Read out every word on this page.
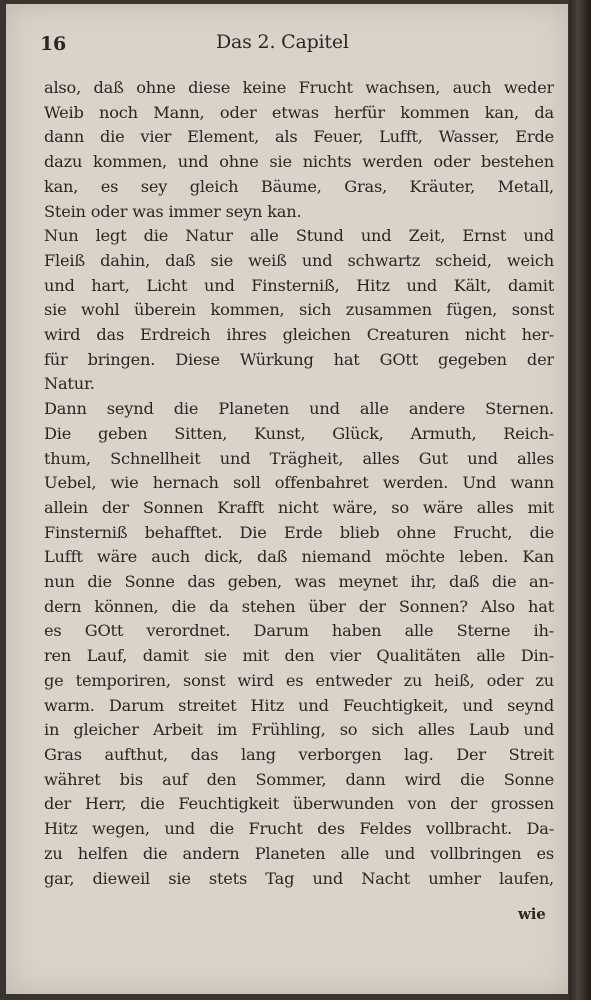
16	Das 2. Capitel
also, daß ohne diese keine Frucht wachsen, auch weder
Weib noch Mann, oder etwas herfür kommen kan, da
dann die vier Element, als Feuer, Lufft, Wasser, Erde
dazu kommen, und ohne sie nichts werden oder bestehen
kan, es sey gleich Bäume, Gras, Kräuter, Metall,
Stein oder was immer seyn kan.
Nun legt die Natur alle Stund und Zeit, Ernst und
Fleiß dahin, daß sie weiß und schwartz scheid, weich
und hart, Licht und Finsterniß, Hitz und Kält, damit
sie wohl überein kommen, sich zusammen fügen, sonst
wird das Erdreich ihres gleichen Creaturen nicht her-
für bringen. Diese Würkung hat GOtt gegeben der
Natur.
Dann seynd die Planeten und alle andere Sternen.
Die geben Sitten, Kunst, Glück, Armuth, Reich-
thum, Schnellheit und Trägheit, alles Gut und alles
Uebel, wie hernach soll offenbahret werden. Und wann
allein der Sonnen Krafft nicht wäre, so wäre alles mit
Finsterniß behafftet. Die Erde blieb ohne Frucht, die
Lufft wäre auch dick, daß niemand möchte leben. Kan
nun die Sonne das geben, was meynet ihr, daß die an-
dern können, die da stehen über der Sonnen? Also hat
es GOtt verordnet. Darum haben alle Sterne ih-
ren Lauf, damit sie mit den vier Qualitäten alle Din-
ge temporiren, sonst wird es entweder zu heiß, oder zu
warm. Darum streitet Hitz und Feuchtigkeit, und seynd
in gleicher Arbeit im Frühling, so sich alles Laub und
Gras aufthut, das lang verborgen lag. Der Streit
währet bis auf den Sommer, dann wird die Sonne
der Herr, die Feuchtigkeit überwunden von der grossen
Hitz wegen, und die Frucht des Feldes vollbracht. Da-
zu helfen die andern Planeten alle und vollbringen es
gar, dieweil sie stets Tag und Nacht umher laufen,
wie
